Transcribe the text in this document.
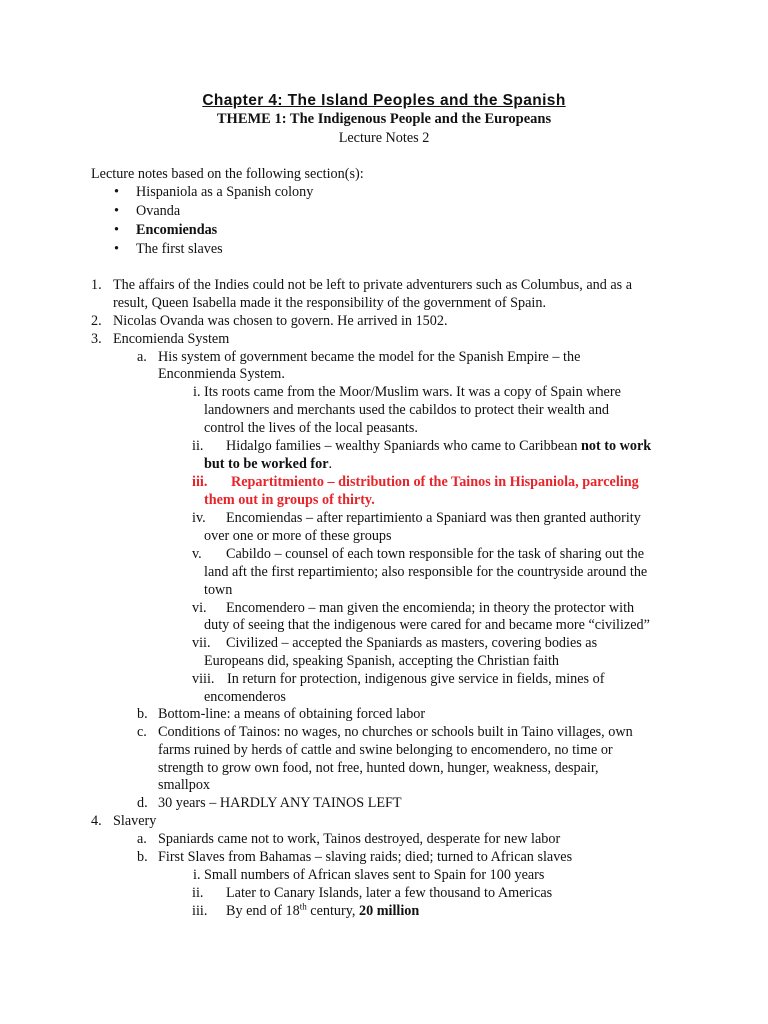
Chapter 4: The Island Peoples and the Spanish
THEME 1: The Indigenous People and the Europeans
Lecture Notes 2
Lecture notes based on the following section(s):
• Hispaniola as a Spanish colony
• Ovanda
• Encomiendas
• The first slaves
1. The affairs of the Indies could not be left to private adventurers such as Columbus, and as a
result, Queen Isabella made it the responsibility of the government of Spain.
2. Nicolas Ovanda was chosen to govern. He arrived in 1502.
3. Encomienda System
a. His system of government became the model for the Spanish Empire – the
Enconmienda System.
i. Its roots came from the Moor/Muslim wars. It was a copy of Spain where
landowners and merchants used the cabildos to protect their wealth and
control the lives of the local peasants.
ii. Hidalgo families – wealthy Spaniards who came to Caribbean not to work
but to be worked for.
iii. Repartitmiento – distribution of the Tainos in Hispaniola, parceling
them out in groups of thirty.
iv. Encomiendas – after repartimiento a Spaniard was then granted authority
over one or more of these groups
v. Cabildo – counsel of each town responsible for the task of sharing out the
land aft the first repartimiento; also responsible for the countryside around the
town
vi. Encomendero – man given the encomienda; in theory the protector with
duty of seeing that the indigenous were cared for and became more “civilized”
vii. Civilized – accepted the Spaniards as masters, covering bodies as
Europeans did, speaking Spanish, accepting the Christian faith
viii. In return for protection, indigenous give service in fields, mines of
encomenderos
b. Bottom-line: a means of obtaining forced labor
c. Conditions of Tainos: no wages, no churches or schools built in Taino villages, own
farms ruined by herds of cattle and swine belonging to encomendero, no time or
strength to grow own food, not free, hunted down, hunger, weakness, despair,
smallpox
d. 30 years – HARDLY ANY TAINOS LEFT
4. Slavery
a. Spaniards came not to work, Tainos destroyed, desperate for new labor
b. First Slaves from Bahamas – slaving raids; died; turned to African slaves
i. Small numbers of African slaves sent to Spain for 100 years
ii. Later to Canary Islands, later a few thousand to Americas
iii. By end of 18th century, 20 million
